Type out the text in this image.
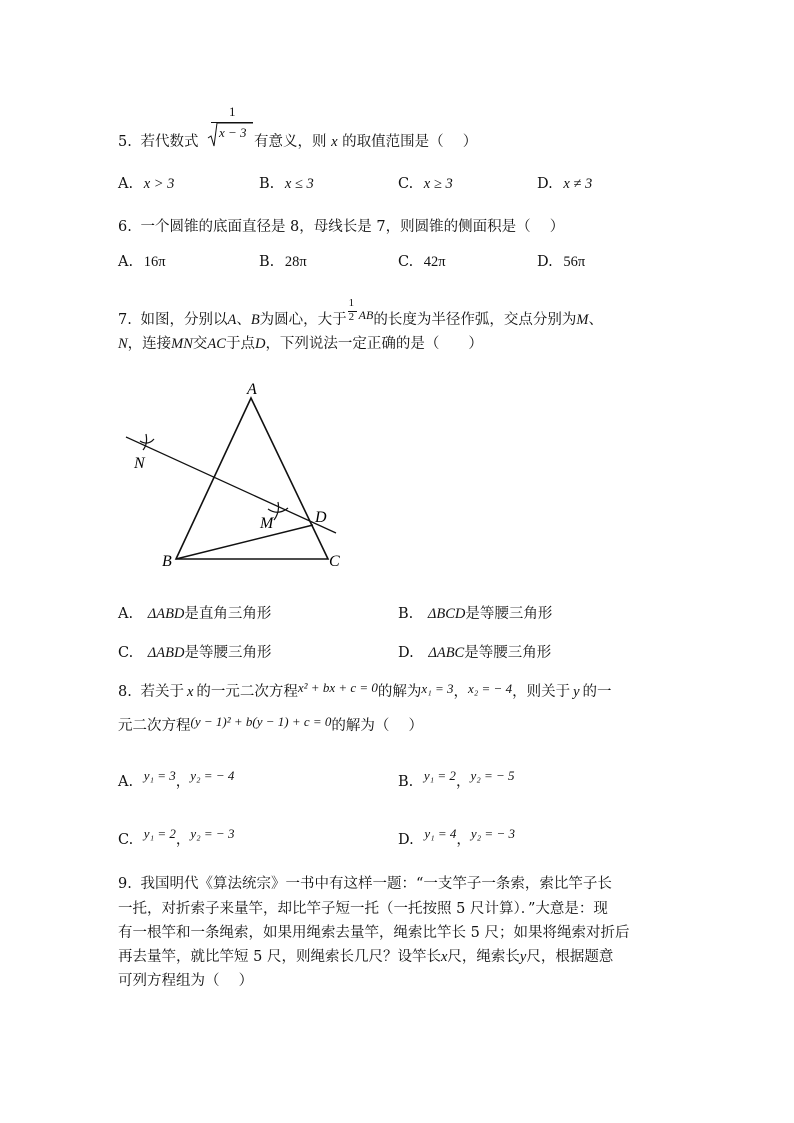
5. 若代数式
1
x − 3
有意义，则 x 的取值范围是（　 ）
A. x > 3	B. x ≤ 3	C. x ≥ 3	D. x ≠ 3
6. 一个圆锥的底面直径是 8，母线长是 7，则圆锥的侧面积是（　 ）
A. 16π	B. 28π	C. 42π	D. 56π
7. 如图，分别以A、B为圆心，大于 $\frac{1}{2} ^{AB}$的长度为半径作弧，交点分别为M、
N，连接MN交AC于点D，下列说法一定正确的是（　　）
A
B	C
D
M
N
A. ΔABD是直角三角形	B. ΔBCD是等腰三角形
C. ΔABD是等腰三角形	D. ΔABC是等腰三角形
8. 若关于 x 的一元二次方程x² + bx + c = 0的解为x₁ = 3，x₂ = − 4，则关于 y 的一
元二次方程(y − 1)² + b(y − 1) + c = 0的解为（　 ）
A. y₁ = 3，y₂ = − 4	B. y₁ = 2，y₂ = − 5
C. y₁ = 2，y₂ = − 3	D. y₁ = 4，y₂ = − 3
9. 我国明代《算法统宗》一书中有这样一题：“一支竿子一条索，索比竿子长
一托，对折索子来量竿，却比竿子短一托（一托按照 5 尺计算）．”大意是：现
有一根竿和一条绳索，如果用绳索去量竿，绳索比竿长 5 尺；如果将绳索对折后
再去量竿，就比竿短 5 尺，则绳索长几尺？设竿长x尺，绳索长y尺，根据题意
可列方程组为（　 ）
